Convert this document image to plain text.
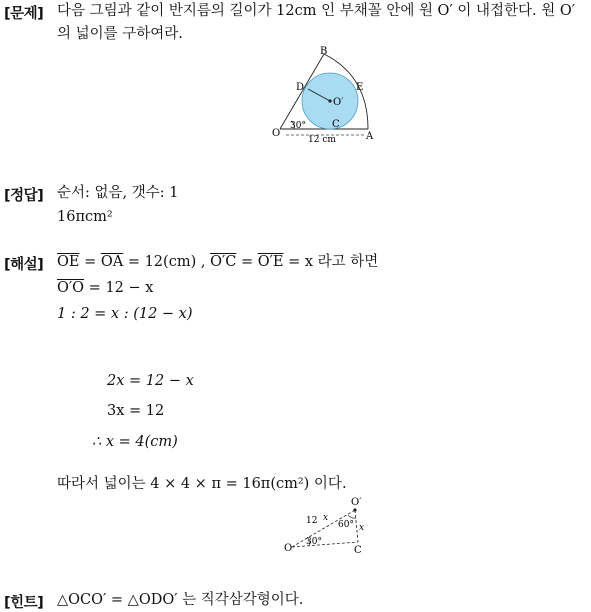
[문제] 다음 그림과 같이 반지름의 길이가 12cm 인 부채꼴 안에 원 O′ 이 내접한다. 원 O′
의 넓이를 구하여라.
B
D	E
O′
C
O	A
30°
12 cm
[정답] 순서: 없음, 갯수: 1
16πcm²
[해설] $\overline{OE} = \overline{OA} = 12(cm)$ , O′C = O′E = x 라고 하면
O′O = 12 − x
1 : 2 = x : (12 − x)
2x = 12 − x
3x = 12
∴ x = 4(cm)
따라서 넓이는 4 × 4 × π = 16π(cm²) 이다.
O′
O	C
12 x
x
60°
30°
[힌트] △OCO′ = △ODO′ 는 직각삼각형이다.
